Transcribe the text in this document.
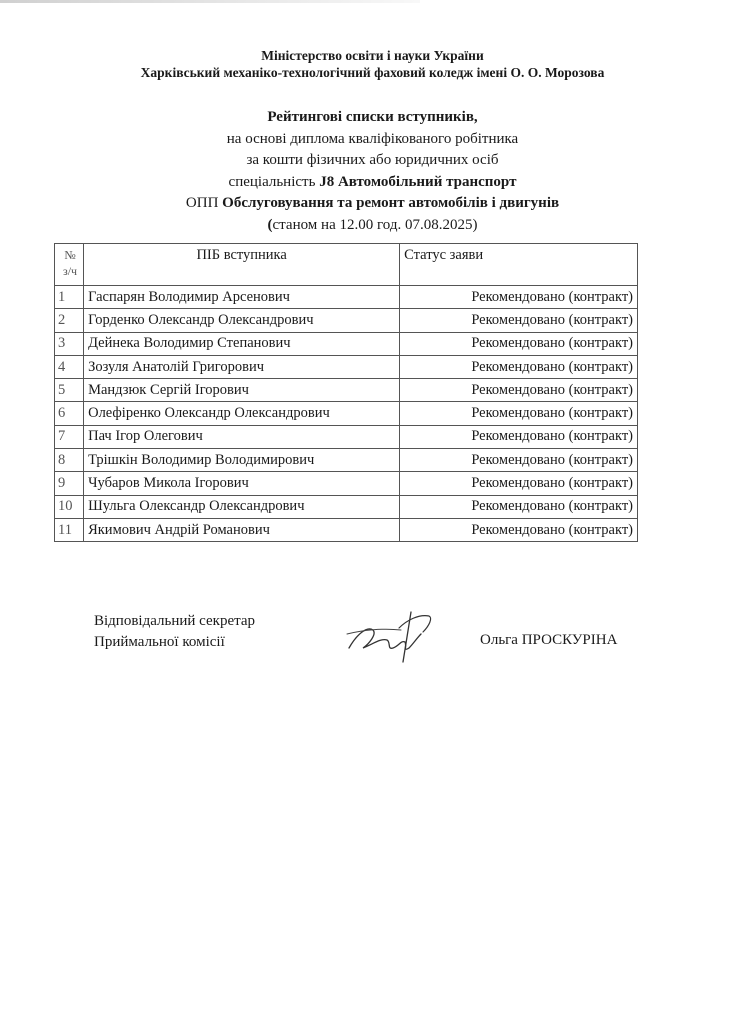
Міністерство освіти і науки України
Харківський механіко-технологічний фаховий коледж імені О. О. Морозова
Рейтингові списки вступників,
на основі диплома кваліфікованого робітника
за кошти фізичних або юридичних осіб
спеціальність J8 Автомобільний транспорт
ОПП Обслуговування та ремонт автомобілів і двигунів
(станом на 12.00 год. 07.08.2025)
№
з/ч	ПІБ вступника	Статус заяви
1	Гаспарян Володимир Арсенович	Рекомендовано (контракт)
2	Горденко Олександр Олександрович	Рекомендовано (контракт)
3	Дейнека Володимир Степанович	Рекомендовано (контракт)
4	Зозуля Анатолій Григорович	Рекомендовано (контракт)
5	Мандзюк Сергій Ігорович	Рекомендовано (контракт)
6	Олефіренко Олександр Олександрович	Рекомендовано (контракт)
7	Пач Ігор Олегович	Рекомендовано (контракт)
8	Трішкін Володимир Володимирович	Рекомендовано (контракт)
9	Чубаров Микола Ігорович	Рекомендовано (контракт)
10	Шульга Олександр Олександрович	Рекомендовано (контракт)
11	Якимович Андрій Романович	Рекомендовано (контракт)
Відповідальний секретар
Приймальної комісії	Ольга ПРОСКУРІНА
